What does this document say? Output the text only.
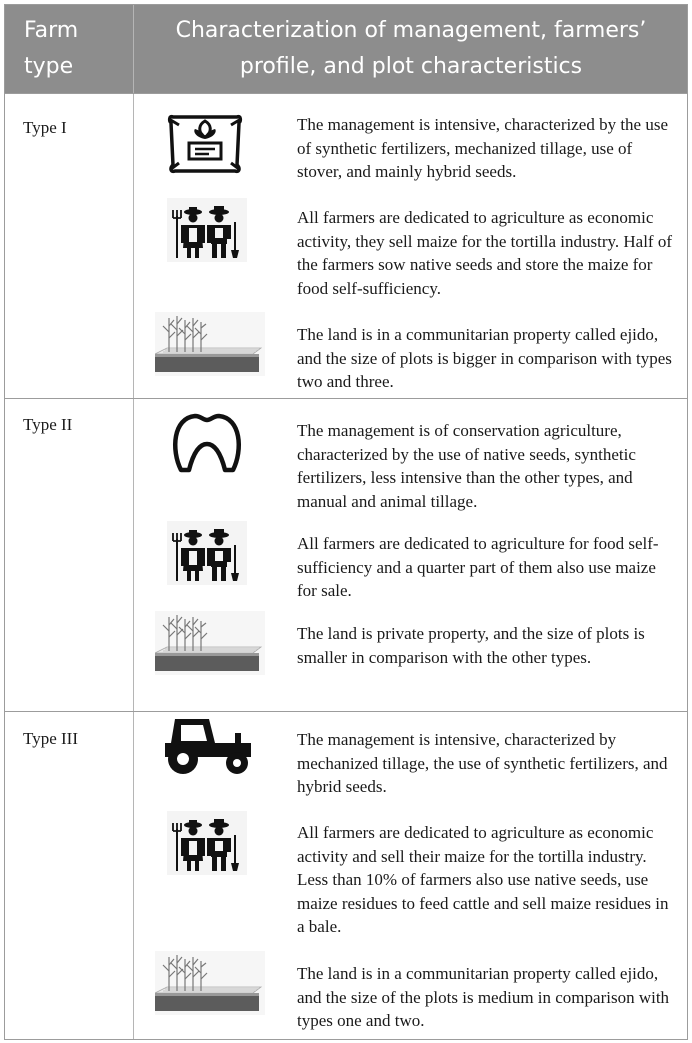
Farm type
Characterization of management, farmers’ profile, and plot characteristics
Type I	The management is intensive, characterized by the use of synthetic fertilizers, mechanized tillage, use of stover, and mainly hybrid seeds.
All farmers are dedicated to agriculture as economic activity, they sell maize for the tortilla industry. Half of the farmers sow native seeds and store the maize for food self-sufficiency.
The land is in a communitarian property called ejido, and the size of plots is bigger in comparison with types two and three.
Type II	The management is of conservation agriculture, characterized by the use of native seeds, synthetic fertilizers, less intensive than the other types, and manual and animal tillage.
All farmers are dedicated to agriculture for food self-sufficiency and a quarter part of them also use maize for sale.
The land is private property, and the size of plots is smaller in comparison with the other types.
Type III	The management is intensive, characterized by mechanized tillage, the use of synthetic fertilizers, and hybrid seeds.
All farmers are dedicated to agriculture as economic activity and sell their maize for the tortilla industry. Less than 10% of farmers also use native seeds, use maize residues to feed cattle and sell maize residues in a bale.
The land is in a communitarian property called ejido, and the size of the plots is medium in comparison with types one and two.
